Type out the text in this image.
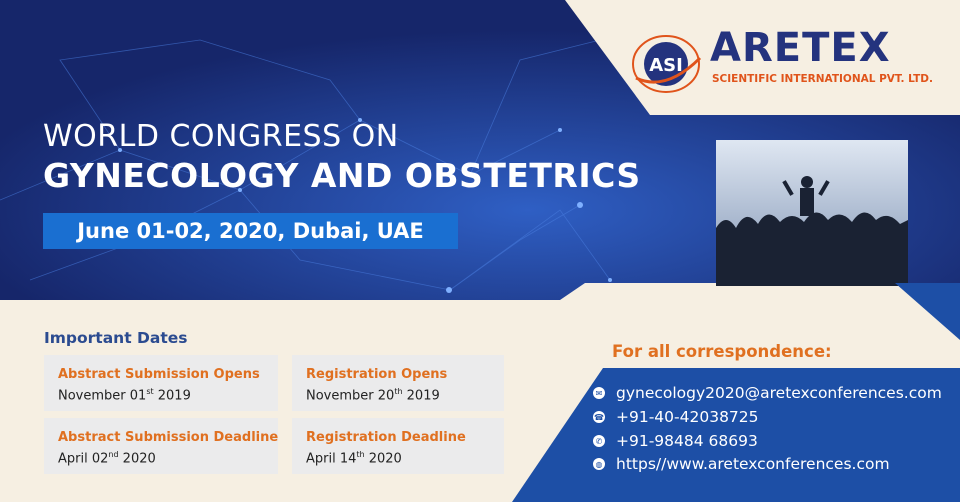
ASI ARETEX
SCIENTIFIC INTERNATIONAL PVT. LTD.
WORLD CONGRESS ON
GYNECOLOGY AND OBSTETRICS
June 01-02, 2020, Dubai, UAE
Important Dates
Abstract Submission Opens
November 01st 2019
Registration Opens
November 20th 2019
Abstract Submission Deadline
April 02nd 2020
Registration Deadline
April 14th 2020
For all correspondence:
✉ gynecology2020@aretexconferences.com
☎ +91-40-42038725
✆ +91-98484 68693
◍ https//www.aretexconferences.com
